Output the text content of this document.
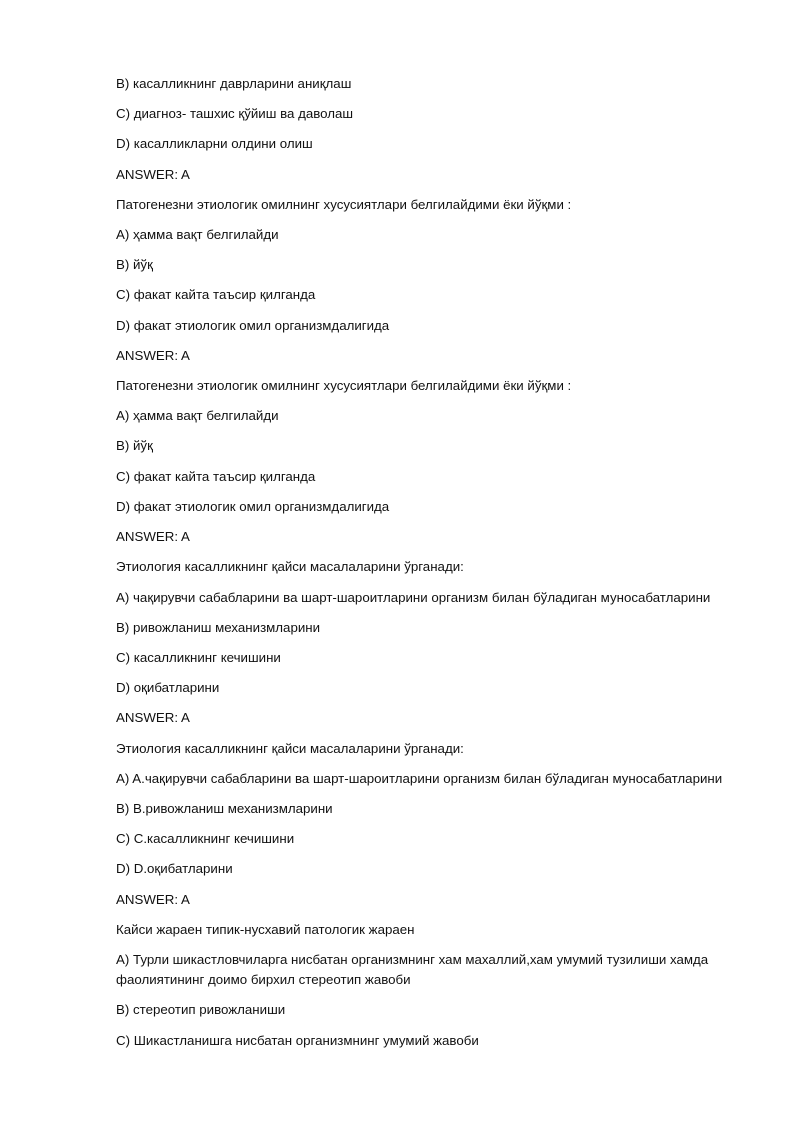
B) касалликнинг даврларини аниқлаш
C) диагноз- ташхис қўйиш ва даволаш
D) касалликларни олдини олиш
ANSWER: A
Патогенезни этиологик омилнинг хусусиятлари белгилайдими ёки йўқми :
A) ҳамма вақт белгилайди
B) йўқ
C) факат кайта таъсир қилганда
D) факат этиологик омил организмдалигида
ANSWER: A
Патогенезни этиологик омилнинг хусусиятлари белгилайдими ёки йўқми :
A) ҳамма вақт белгилайди
B) йўқ
C) факат кайта таъсир қилганда
D) факат этиологик омил организмдалигида
ANSWER: A
Этиология касалликнинг қайси масалаларини ўрганади:
A) чақирувчи сабабларини ва шарт-шароитларини организм билан бўладиган муносабатларини
B) ривожланиш механизмларини
C) касалликнинг кечишини
D) оқибатларини
ANSWER: A
Этиология касалликнинг қайси масалаларини ўрганади:
A) A.чақирувчи сабабларини ва шарт-шароитларини организм билан бўладиган муносабатларини
B) B.ривожланиш механизмларини
C) C.касалликнинг кечишини
D) D.оқибатларини
ANSWER: A
Кайси жараен типик-нусхавий патологик жараен
A) Турли шикастловчиларга нисбатан организмнинг хам махаллий,хам умумий тузилиши хамда фаолиятининг доимо бирхил стереотип жавоби
B) стереотип ривожланиши
C) Шикастланишга нисбатан организмнинг умумий жавоби
